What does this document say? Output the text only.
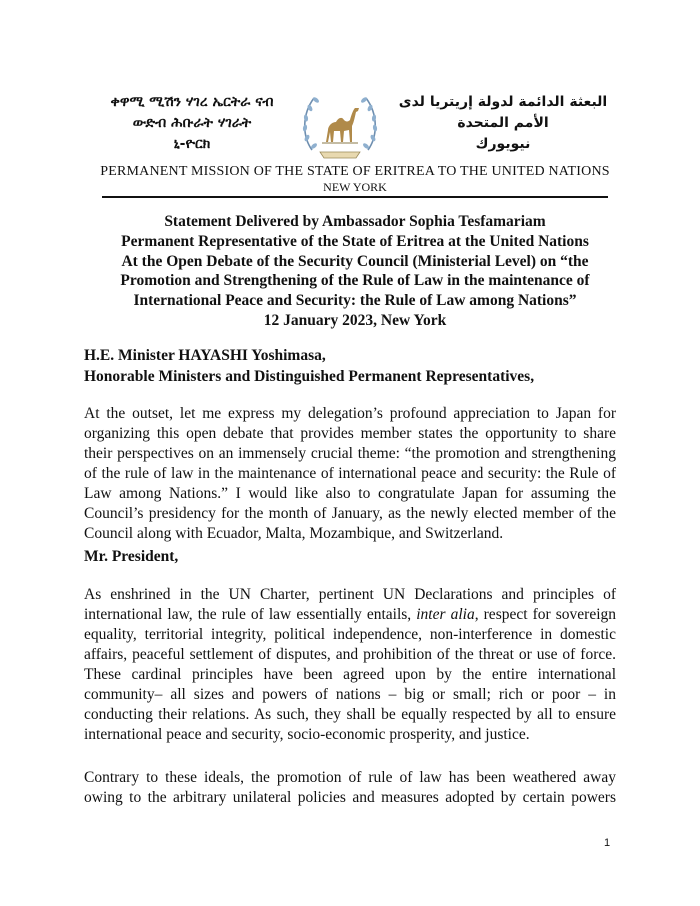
ቀዋሚ ሚሽን ሃገረ ኤርትራ ናብ
ውድብ ሕቡራት ሃገራት
ኒ-ዮርክ
البعثة الدائمة لدولة إريتريا لدى
الأمم المتحدة
نيويورك
PERMANENT MISSION OF THE STATE OF ERITREA TO THE UNITED NATIONS
NEW YORK
Statement Delivered by Ambassador Sophia Tesfamariam
Permanent Representative of the State of Eritrea at the United Nations
At the Open Debate of the Security Council (Ministerial Level) on “the
Promotion and Strengthening of the Rule of Law in the maintenance of
International Peace and Security: the Rule of Law among Nations”
12 January 2023, New York
H.E. Minister HAYASHI Yoshimasa,
Honorable Ministers and Distinguished Permanent Representatives,
At the outset, let me express my delegation’s profound appreciation to Japan for
organizing this open debate that provides member states the opportunity to share
their perspectives on an immensely crucial theme: “the promotion and strengthening
of the rule of law in the maintenance of international peace and security: the Rule of
Law among Nations.” I would like also to congratulate Japan for assuming the
Council’s presidency for the month of January, as the newly elected member of the
Council along with Ecuador, Malta, Mozambique, and Switzerland.
Mr. President,
As enshrined in the UN Charter, pertinent UN Declarations and principles of
international law, the rule of law essentially entails, inter alia, respect for sovereign
equality, territorial integrity, political independence, non-interference in domestic
affairs, peaceful settlement of disputes, and prohibition of the threat or use of force.
These cardinal principles have been agreed upon by the entire international
community– all sizes and powers of nations – big or small; rich or poor – in
conducting their relations. As such, they shall be equally respected by all to ensure
international peace and security, socio-economic prosperity, and justice.
Contrary to these ideals, the promotion of rule of law has been weathered away
owing to the arbitrary unilateral policies and measures adopted by certain powers
1
